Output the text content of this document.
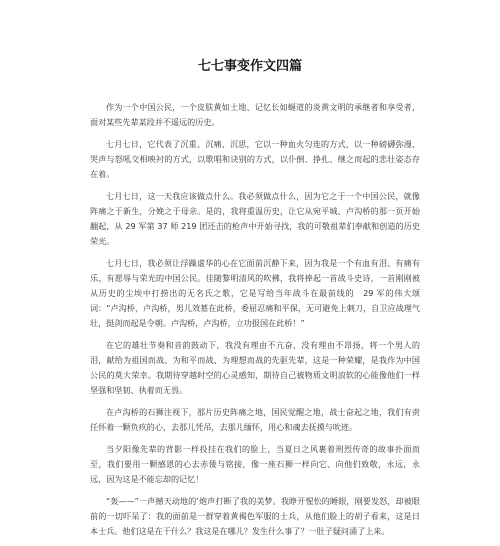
七七事变作文四篇

作为一个中国公民，一个皮肤黄如土地、记忆长如蜒道的炎黄文明的承继者和享受者，面对某些先辈某段并不遥远的历史。

七月七日，它代表了沉重、沉痛、沉思，它以一种血火匀连的方式，以一种磅礴弥漫、哭声与怒吼交相映衬的方式，以歌唱和诀别的方式，以仆倒、挣扎、继之而起的悲壮姿态存在着。

七月七日，这一天我应该做点什么。我必须做点什么，因为它之于一个中国公民，就像阵痛之于新生，分娩之于母亲。是的，我将重温历史，让它从宛平城、卢沟桥的那一页开始翻起，从 29 军第 37 师 219 团还击的枪声中开始寻找，我的可敬祖辈们奉献和创造的历史荣光。

七月七日，我必须让浮躁虚华的心在它面前沉静下来，因为我是一个有血有泪、有痛有乐、有愿辱与荣光的中国公民。佳随黎明清风的吹拂，我将捧起一首战斗史诗，一首刚刚被从历史的尘埃中打捞出的无名氏之歌，它是写给当年战斗在最前线的　29 军的伟大颂词：“卢沟桥，卢沟桥，男儿效墓在此桥，委屈忍痛和平保，无可避免上刺刀，自卫应战理气壮，挺剑而起是令朝。卢沟桥，卢沟桥，立功报国在此桥！”

在它的雄壮节奏和音韵鼓动下，我没有理由不亢奋，没有理由不昂扬，将一个男人的泪，献给为祖国而战、为和平而战、为理想而战的先驱先辈，这是一种荣耀，是我作为中国公民的莫大荣幸。我期待穿越时空的心灵感知，期待自己被物质文明浪软的心能像他们一样坚强和坚韧、执着而无畏。

在卢沟桥的石狮注视下，那片历史阵痛之地，国民觉醒之地，战士奋起之地，我们有责任怀着一颗负疚的心，去那儿凭吊，去那儿缅怀，用心和魂去抚摸与吮迹。

当夕阳像先辈的背影一样投挂在我们的脸上，当夏日之风裹着刑烈传奇的故事扑面而至，我们要用一颗感恩的心去赤倭与铭接，像一座石狮一样向它、向他们致敬，永远，永远，因为这是不能忘却的记忆！

“轰——”一声撼天动地的’炮声打断了我的美梦。我睁开惺忪的睡眼，刚要发怒，却被眼前的一切吓呆了：我的面前是一群穿着黄褐色军服的士兵，从他们脸上的胡子看来，这是日本士兵。他们这是在干什么？我这是在哪儿？发生什么事了？一肚子疑问涌了上来。
